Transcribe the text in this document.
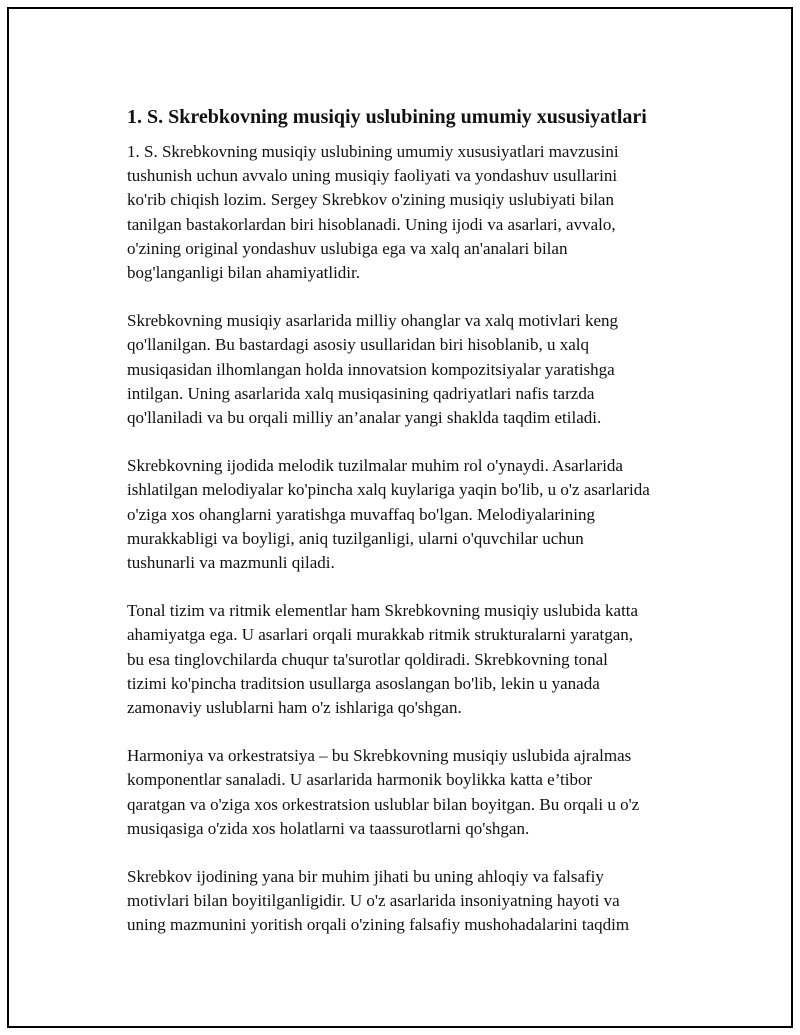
1. S. Skrebkovning musiqiy uslubining umumiy xususiyatlari

1. S. Skrebkovning musiqiy uslubining umumiy xususiyatlari mavzusini
tushunish uchun avvalo uning musiqiy faoliyati va yondashuv usullarini
ko'rib chiqish lozim. Sergey Skrebkov o'zining musiqiy uslubiyati bilan
tanilgan bastakorlardan biri hisoblanadi. Uning ijodi va asarlari, avvalo,
o'zining original yondashuv uslubiga ega va xalq an'analari bilan
bog'langanligi bilan ahamiyatlidir.

Skrebkovning musiqiy asarlarida milliy ohanglar va xalq motivlari keng
qo'llanilgan. Bu bastardagi asosiy usullaridan biri hisoblanib, u xalq
musiqasidan ilhomlangan holda innovatsion kompozitsiyalar yaratishga
intilgan. Uning asarlarida xalq musiqasining qadriyatlari nafis tarzda
qo'llaniladi va bu orqali milliy an’analar yangi shaklda taqdim etiladi.

Skrebkovning ijodida melodik tuzilmalar muhim rol o'ynaydi. Asarlarida
ishlatilgan melodiyalar ko'pincha xalq kuylariga yaqin bo'lib, u o'z asarlarida
o'ziga xos ohanglarni yaratishga muvaffaq bo'lgan. Melodiyalarining
murakkabligi va boyligi, aniq tuzilganligi, ularni o'quvchilar uchun
tushunarli va mazmunli qiladi.

Tonal tizim va ritmik elementlar ham Skrebkovning musiqiy uslubida katta
ahamiyatga ega. U asarlari orqali murakkab ritmik strukturalarni yaratgan,
bu esa tinglovchilarda chuqur ta'surotlar qoldiradi. Skrebkovning tonal
tizimi ko'pincha traditsion usullarga asoslangan bo'lib, lekin u yanada
zamonaviy uslublarni ham o'z ishlariga qo'shgan.

Harmoniya va orkestratsiya – bu Skrebkovning musiqiy uslubida ajralmas
komponentlar sanaladi. U asarlarida harmonik boylikka katta e’tibor
qaratgan va o'ziga xos orkestratsion uslublar bilan boyitgan. Bu orqali u o'z
musiqasiga o'zida xos holatlarni va taassurotlarni qo'shgan.

Skrebkov ijodining yana bir muhim jihati bu uning ahloqiy va falsafiy
motivlari bilan boyitilganligidir. U o'z asarlarida insoniyatning hayoti va
uning mazmunini yoritish orqali o'zining falsafiy mushohadalarini taqdim
